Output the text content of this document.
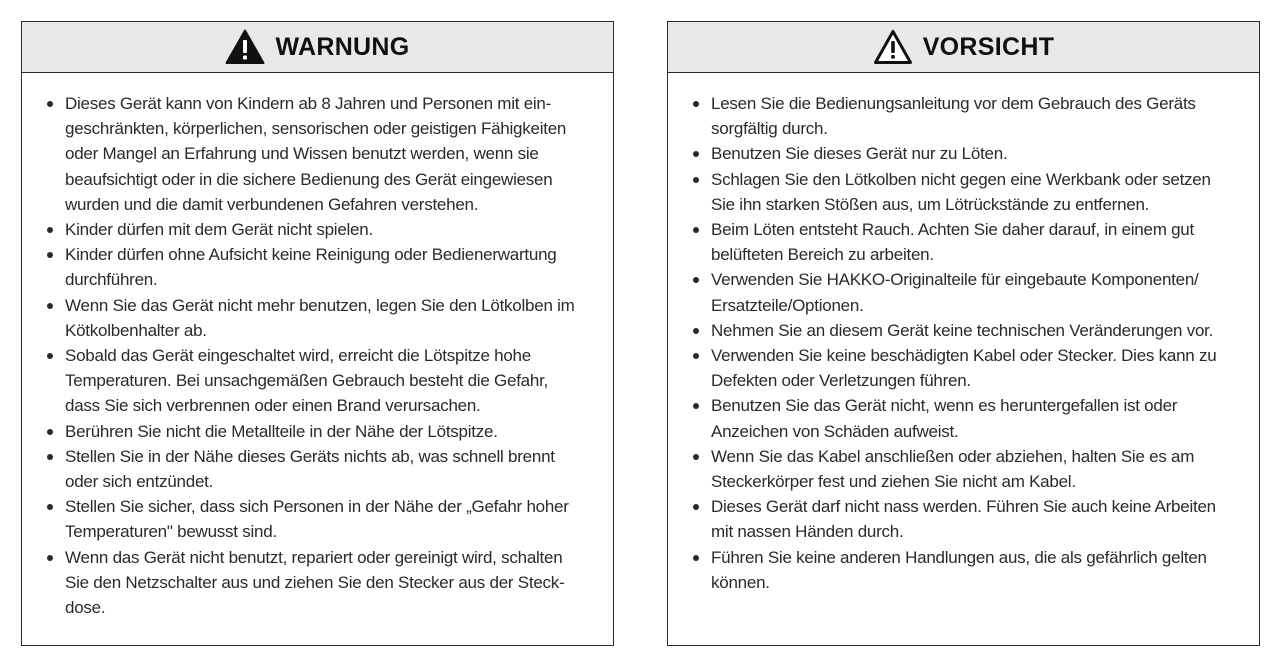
WARNUNG
Dieses Gerät kann von Kindern ab 8 Jahren und Personen mit ein-
geschränkten, körperlichen, sensorischen oder geistigen Fähigkeiten
oder Mangel an Erfahrung und Wissen benutzt werden, wenn sie
beaufsichtigt oder in die sichere Bedienung des Gerät eingewiesen
wurden und die damit verbundenen Gefahren verstehen.
Kinder dürfen mit dem Gerät nicht spielen.
Kinder dürfen ohne Aufsicht keine Reinigung oder Bedienerwartung
durchführen.
Wenn Sie das Gerät nicht mehr benutzen, legen Sie den Lötkolben im
Kötkolbenhalter ab.
Sobald das Gerät eingeschaltet wird, erreicht die Lötspitze hohe
Temperaturen. Bei unsachgemäßen Gebrauch besteht die Gefahr,
dass Sie sich verbrennen oder einen Brand verursachen.
Berühren Sie nicht die Metallteile in der Nähe der Lötspitze.
Stellen Sie in der Nähe dieses Geräts nichts ab, was schnell brennt
oder sich entzündet.
Stellen Sie sicher, dass sich Personen in der Nähe der „Gefahr hoher
Temperaturen" bewusst sind.
Wenn das Gerät nicht benutzt, repariert oder gereinigt wird, schalten
Sie den Netzschalter aus und ziehen Sie den Stecker aus der Steck-
dose.
VORSICHT
Lesen Sie die Bedienungsanleitung vor dem Gebrauch des Geräts
sorgfältig durch.
Benutzen Sie dieses Gerät nur zu Löten.
Schlagen Sie den Lötkolben nicht gegen eine Werkbank oder setzen
Sie ihn starken Stößen aus, um Lötrückstände zu entfernen.
Beim Löten entsteht Rauch. Achten Sie daher darauf, in einem gut
belüfteten Bereich zu arbeiten.
Verwenden Sie HAKKO-Originalteile für eingebaute Komponenten/
Ersatzteile/Optionen.
Nehmen Sie an diesem Gerät keine technischen Veränderungen vor.
Verwenden Sie keine beschädigten Kabel oder Stecker. Dies kann zu
Defekten oder Verletzungen führen.
Benutzen Sie das Gerät nicht, wenn es heruntergefallen ist oder
Anzeichen von Schäden aufweist.
Wenn Sie das Kabel anschließen oder abziehen, halten Sie es am
Steckerkörper fest und ziehen Sie nicht am Kabel.
Dieses Gerät darf nicht nass werden. Führen Sie auch keine Arbeiten
mit nassen Händen durch.
Führen Sie keine anderen Handlungen aus, die als gefährlich gelten
können.
